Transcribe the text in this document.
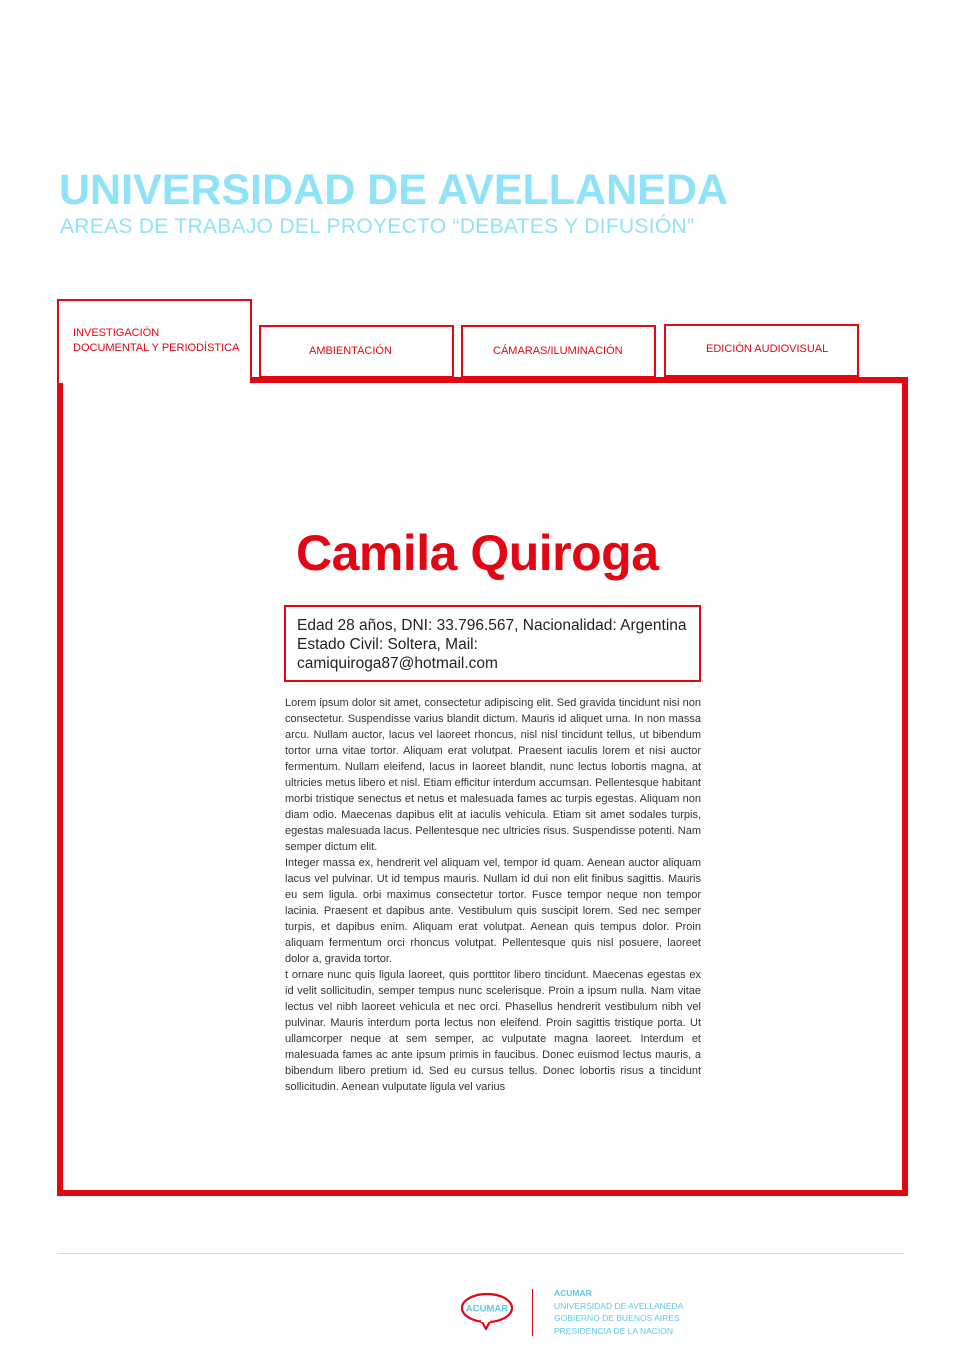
UNIVERSIDAD DE AVELLANEDA
AREAS DE TRABAJO DEL PROYECTO “DEBATES Y DIFUSIÓN”
INVESTIGACIÓN
DOCUMENTAL Y PERIODÍSTICA	AMBIENTACIÓN	CÁMARAS/ILUMINACIÓN	EDICIÓN AUDIOVISUAL
Camila Quiroga
Edad 28 años, DNI: 33.796.567, Nacionalidad: Argentina
Estado Civil: Soltera, Mail:
camiquiroga87@hotmail.com

Lorem ipsum dolor sit amet, consectetur adipiscing elit. Sed gravida tincidunt nisi non consectetur. Suspendisse varius blandit dictum. Mauris id aliquet urna. In non massa arcu. Nullam auctor, lacus vel laoreet rhoncus, nisl nisl tincidunt tellus, ut bibendum tortor urna vitae tortor. Aliquam erat volutpat. Praesent iaculis lorem et nisi auctor fermentum. Nullam eleifend, lacus in laoreet blandit, nunc lectus lobortis magna, at ultricies metus libero et nisl. Etiam efficitur interdum accumsan. Pellentesque habitant morbi tristique senectus et netus et malesuada fames ac turpis egestas. Aliquam non diam odio. Maecenas dapibus elit at iaculis vehicula. Etiam sit amet sodales turpis, egestas malesuada lacus. Pellentesque nec ultricies risus. Suspendisse potenti. Nam semper dictum elit.

Integer massa ex, hendrerit vel aliquam vel, tempor id quam. Aenean auctor aliquam lacus vel pulvinar. Ut id tempus mauris. Nullam id dui non elit finibus sagittis. Mauris eu sem ligula. orbi maximus consectetur tortor. Fusce tempor neque non tempor lacinia. Praesent et dapibus ante. Vestibulum quis suscipit lorem. Sed nec semper turpis, et dapibus enim. Aliquam erat volutpat. Aenean quis tempus dolor. Proin aliquam fermentum orci rhoncus volutpat. Pellentesque quis nisl posuere, laoreet dolor a, gravida tortor.

t ornare nunc quis ligula laoreet, quis porttitor libero tincidunt. Maecenas egestas ex id velit sollicitudin, semper tempus nunc scelerisque. Proin a ipsum nulla. Nam vitae lectus vel nibh laoreet vehicula et nec orci. Phasellus hendrerit vestibulum nibh vel pulvinar. Mauris interdum porta lectus non eleifend. Proin sagittis tristique porta. Ut ullamcorper neque at sem semper, ac vulputate magna laoreet. Interdum et malesuada fames ac ante ipsum primis in faucibus. Donec euismod lectus mauris, a bibendum libero pretium id. Sed eu cursus tellus. Donec lobortis risus a tincidunt sollicitudin. Aenean vulputate ligula vel varius

ACUMAR
ACUMAR
UNIVERSIDAD DE AVELLANEDA
GOBIERNO DE BUENOS AIRES
PRESIDENCIA DE LA NACION
